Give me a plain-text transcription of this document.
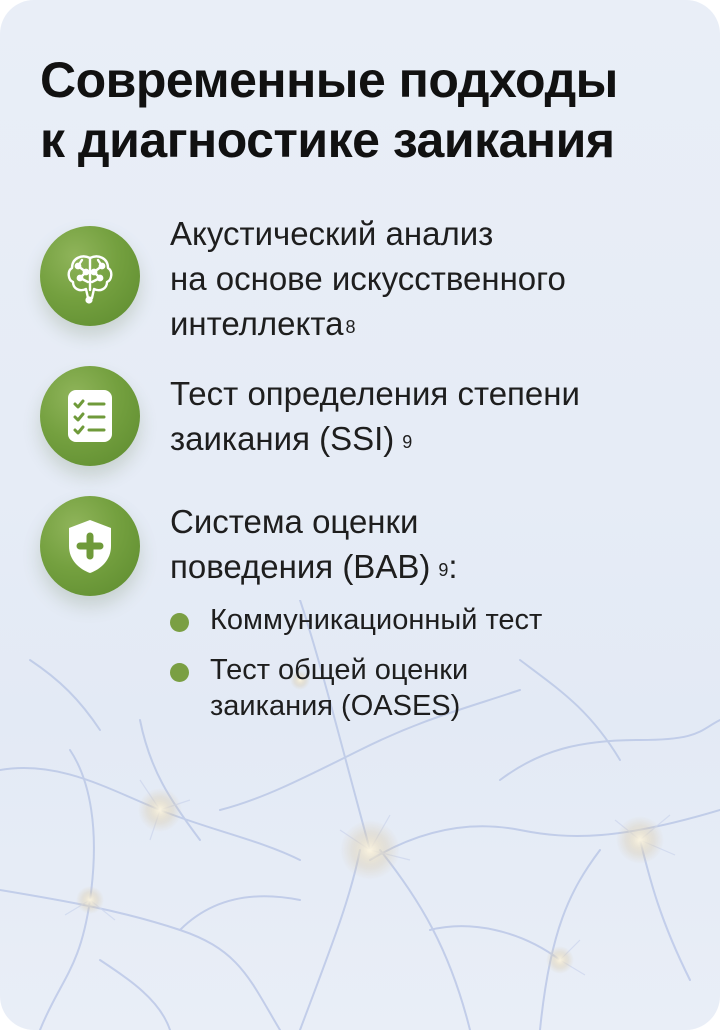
Современные подходы
к диагностике заикания

Акустический анализ
на основе искусственного
интеллекта $^8$

Тест определения степени
заикания (SSI) $^9$

Система оценки
поведения (BAB) $^9$:

Коммуникационный тест
Тест общей оценки
заикания (OASES)
